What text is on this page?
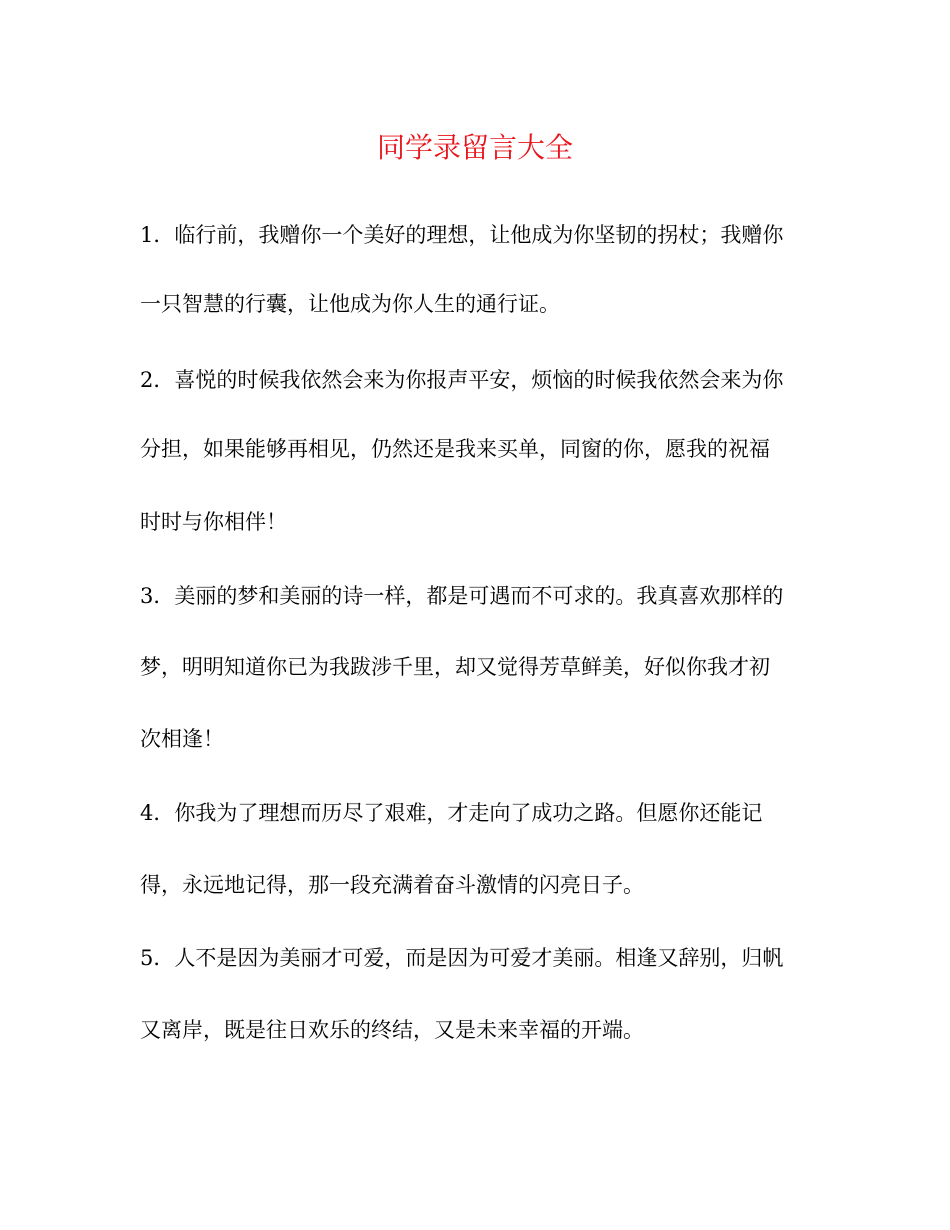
同学录留言大全
1．临行前，我赠你一个美好的理想，让他成为你坚韧的拐杖；我赠你
一只智慧的行囊，让他成为你人生的通行证。
2．喜悦的时候我依然会来为你报声平安，烦恼的时候我依然会来为你
分担，如果能够再相见，仍然还是我来买单，同窗的你，愿我的祝福
时时与你相伴！
3．美丽的梦和美丽的诗一样，都是可遇而不可求的。我真喜欢那样的
梦，明明知道你已为我跋涉千里，却又觉得芳草鲜美，好似你我才初
次相逢！
4．你我为了理想而历尽了艰难，才走向了成功之路。但愿你还能记
得，永远地记得，那一段充满着奋斗激情的闪亮日子。
5．人不是因为美丽才可爱，而是因为可爱才美丽。相逢又辞别，归帆
又离岸，既是往日欢乐的终结，又是未来幸福的开端。
